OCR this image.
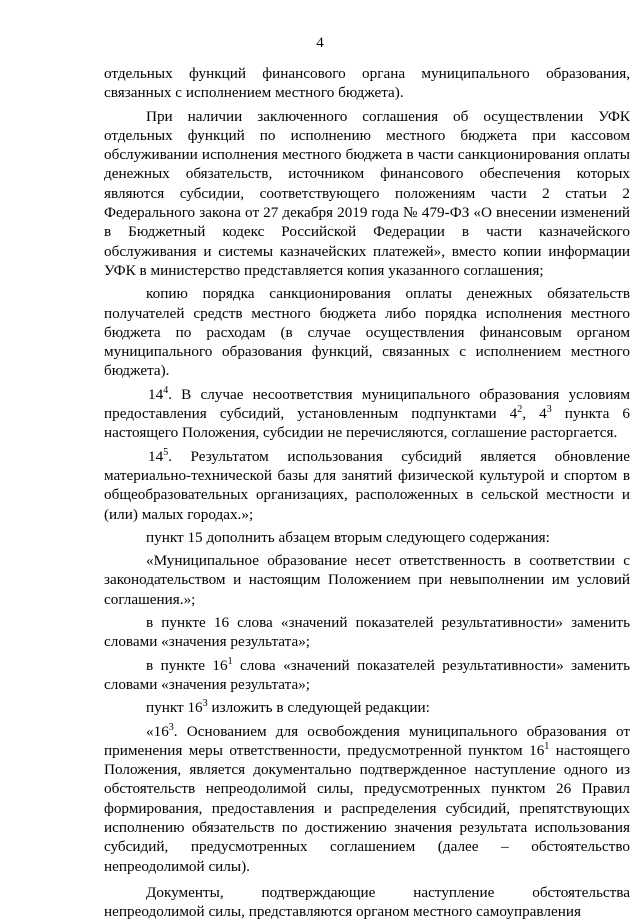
4

отдельных функций финансового органа муниципального образования, связанных с исполнением местного бюджета).

При наличии заключенного соглашения об осуществлении УФК отдельных функций по исполнению местного бюджета при кассовом обслуживании исполнения местного бюджета в части санкционирования оплаты денежных обязательств, источником финансового обеспечения которых являются субсидии, соответствующего положениям части 2 статьи 2 Федерального закона от 27 декабря 2019 года № 479-ФЗ «О внесении изменений в Бюджетный кодекс Российской Федерации в части казначейского обслуживания и системы казначейских платежей», вместо копии информации УФК в министерство представляется копия указанного соглашения;

копию порядка санкционирования оплаты денежных обязательств получателей средств местного бюджета либо порядка исполнения местного бюджета по расходам (в случае осуществления финансовым органом муниципального образования функций, связанных с исполнением местного бюджета).

$14^4$. В случае несоответствия муниципального образования условиям предоставления субсидий, установленным подпунктами $4^2$, $4^3$ пункта 6 настоящего Положения, субсидии не перечисляются, соглашение расторгается.

$14^5$. Результатом использования субсидий является обновление материально-технической базы для занятий физической культурой и спортом в общеобразовательных организациях, расположенных в сельской местности и (или) малых городах.»;

пункт 15 дополнить абзацем вторым следующего содержания:

«Муниципальное образование несет ответственность в соответствии с законодательством и настоящим Положением при невыполнении им условий соглашения.»;

в пункте 16 слова «значений показателей результативности» заменить словами «значения результата»;

в пункте $16^1$ слова «значений показателей результативности» заменить словами «значения результата»;

пункт $16^3$ изложить в следующей редакции:

«$16^3$. Основанием для освобождения муниципального образования от применения меры ответственности, предусмотренной пунктом $16^1$ настоящего Положения, является документально подтвержденное наступление одного из обстоятельств непреодолимой силы, предусмотренных пунктом 26 Правил формирования, предоставления и распределения субсидий, препятствующих исполнению обязательств по достижению значения результата использования субсидий, предусмотренных соглашением (далее – обстоятельство непреодолимой силы).

Документы, подтверждающие наступление обстоятельства непреодолимой силы, представляются органом местного самоуправления
